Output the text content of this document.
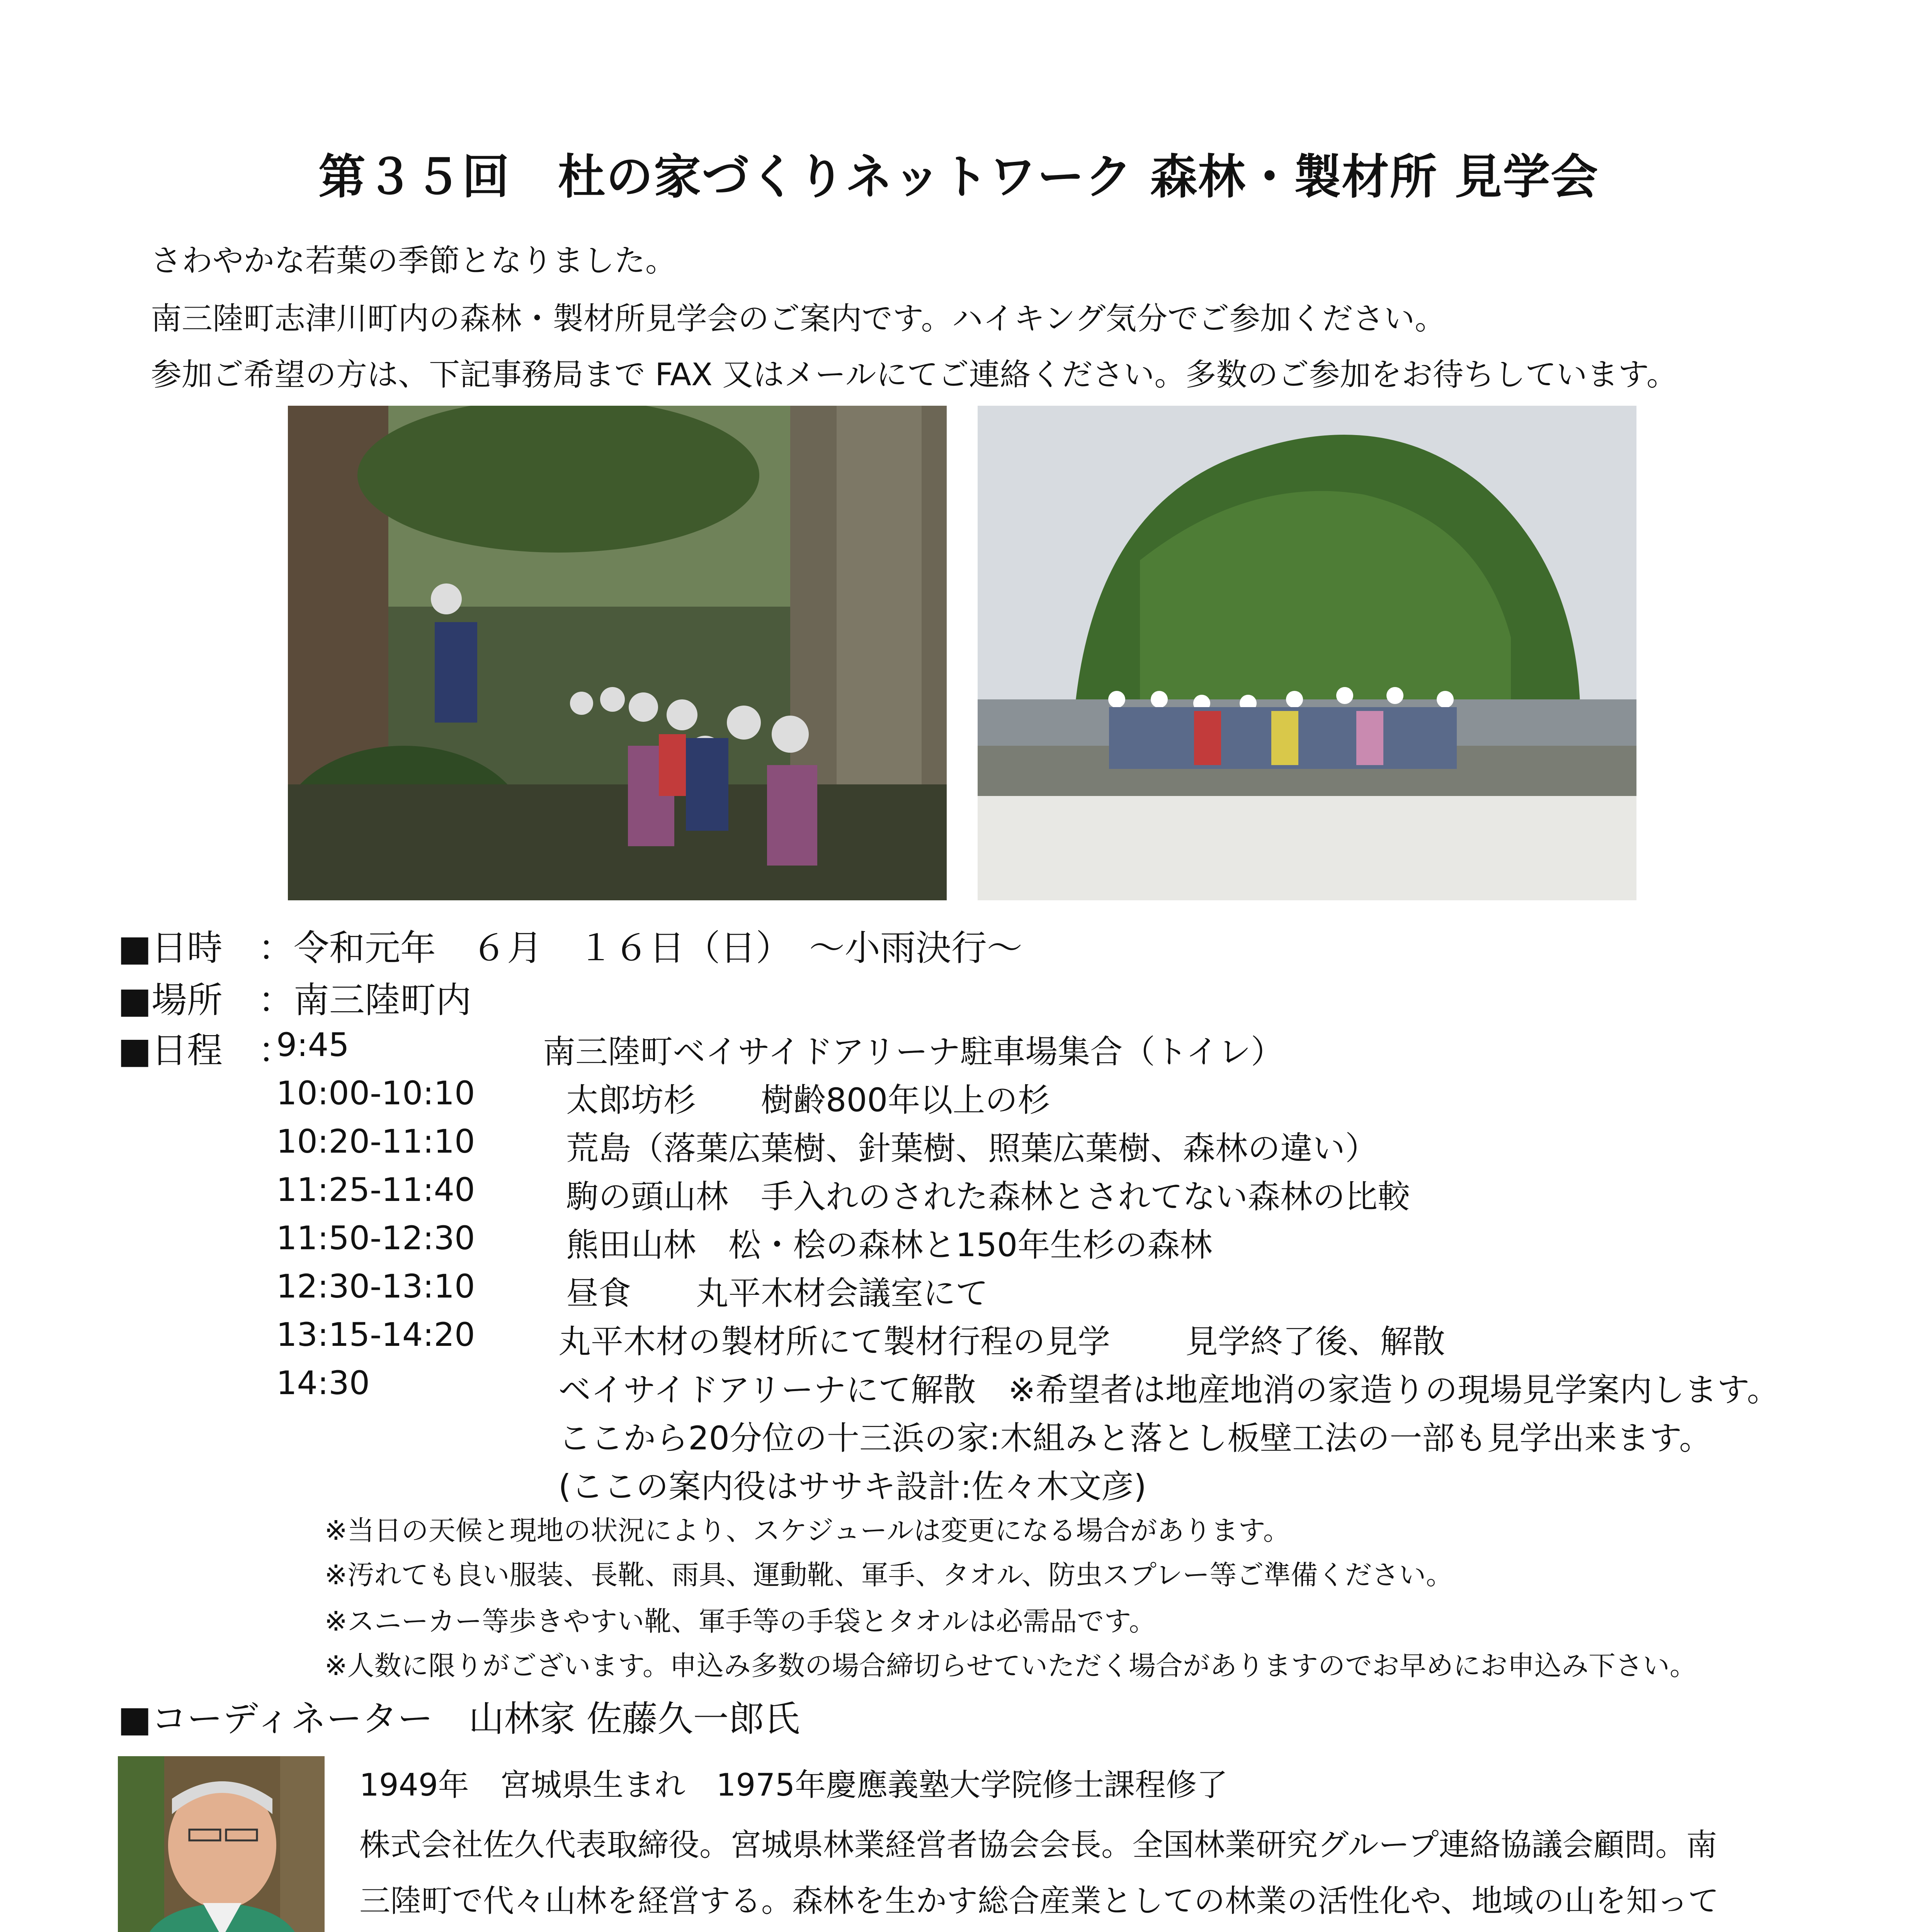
第３５回　杜の家づくりネットワーク 森林・製材所 見学会
さわやかな若葉の季節となりました。
南三陸町志津川町内の森林・製材所見学会のご案内です。ハイキング気分でご参加ください。
参加ご希望の方は、下記事務局まで FAX 又はメールにてご連絡ください。多数のご参加をお待ちしています。
■日時　：令和元年　６月　１６日（日）　～小雨決行～
■場所　：南三陸町内
■日程　：
9:45	南三陸町ベイサイドアリーナ駐車場集合（トイレ）
10:00-10:10	太郎坊杉　　樹齢800年以上の杉
10:20-11:10	荒島（落葉広葉樹、針葉樹、照葉広葉樹、森林の違い）
11:25-11:40	駒の頭山林　手入れのされた森林とされてない森林の比較
11:50-12:30	熊田山林　松・桧の森林と150年生杉の森林
12:30-13:10	昼食　　丸平木材会議室にて
13:15-14:20	丸平木材の製材所にて製材行程の見学　　 見学終了後、解散
14:30	ベイサイドアリーナにて解散　※希望者は地産地消の家造りの現場見学案内します。
ここから20分位の十三浜の家:木組みと落とし板壁工法の一部も見学出来ます。
(ここの案内役はササキ設計:佐々木文彦)
※当日の天候と現地の状況により、スケジュールは変更になる場合があります。
※汚れても良い服装、長靴、雨具、運動靴、軍手、タオル、防虫スプレー等ご準備ください。
※スニーカー等歩きやすい靴、軍手等の手袋とタオルは必需品です。
※人数に限りがございます。申込み多数の場合締切らせていただく場合がありますのでお早めにお申込み下さい。
■コーディネーター　山林家 佐藤久一郎氏
1949年　宮城県生まれ　1975年慶應義塾大学院修士課程修了
株式会社佐久代表取締役。宮城県林業経営者協会会長。全国林業研究グループ連絡協議会顧問。南
三陸町で代々山林を経営する。森林を生かす総合産業としての林業の活性化や、地域の山を知って
